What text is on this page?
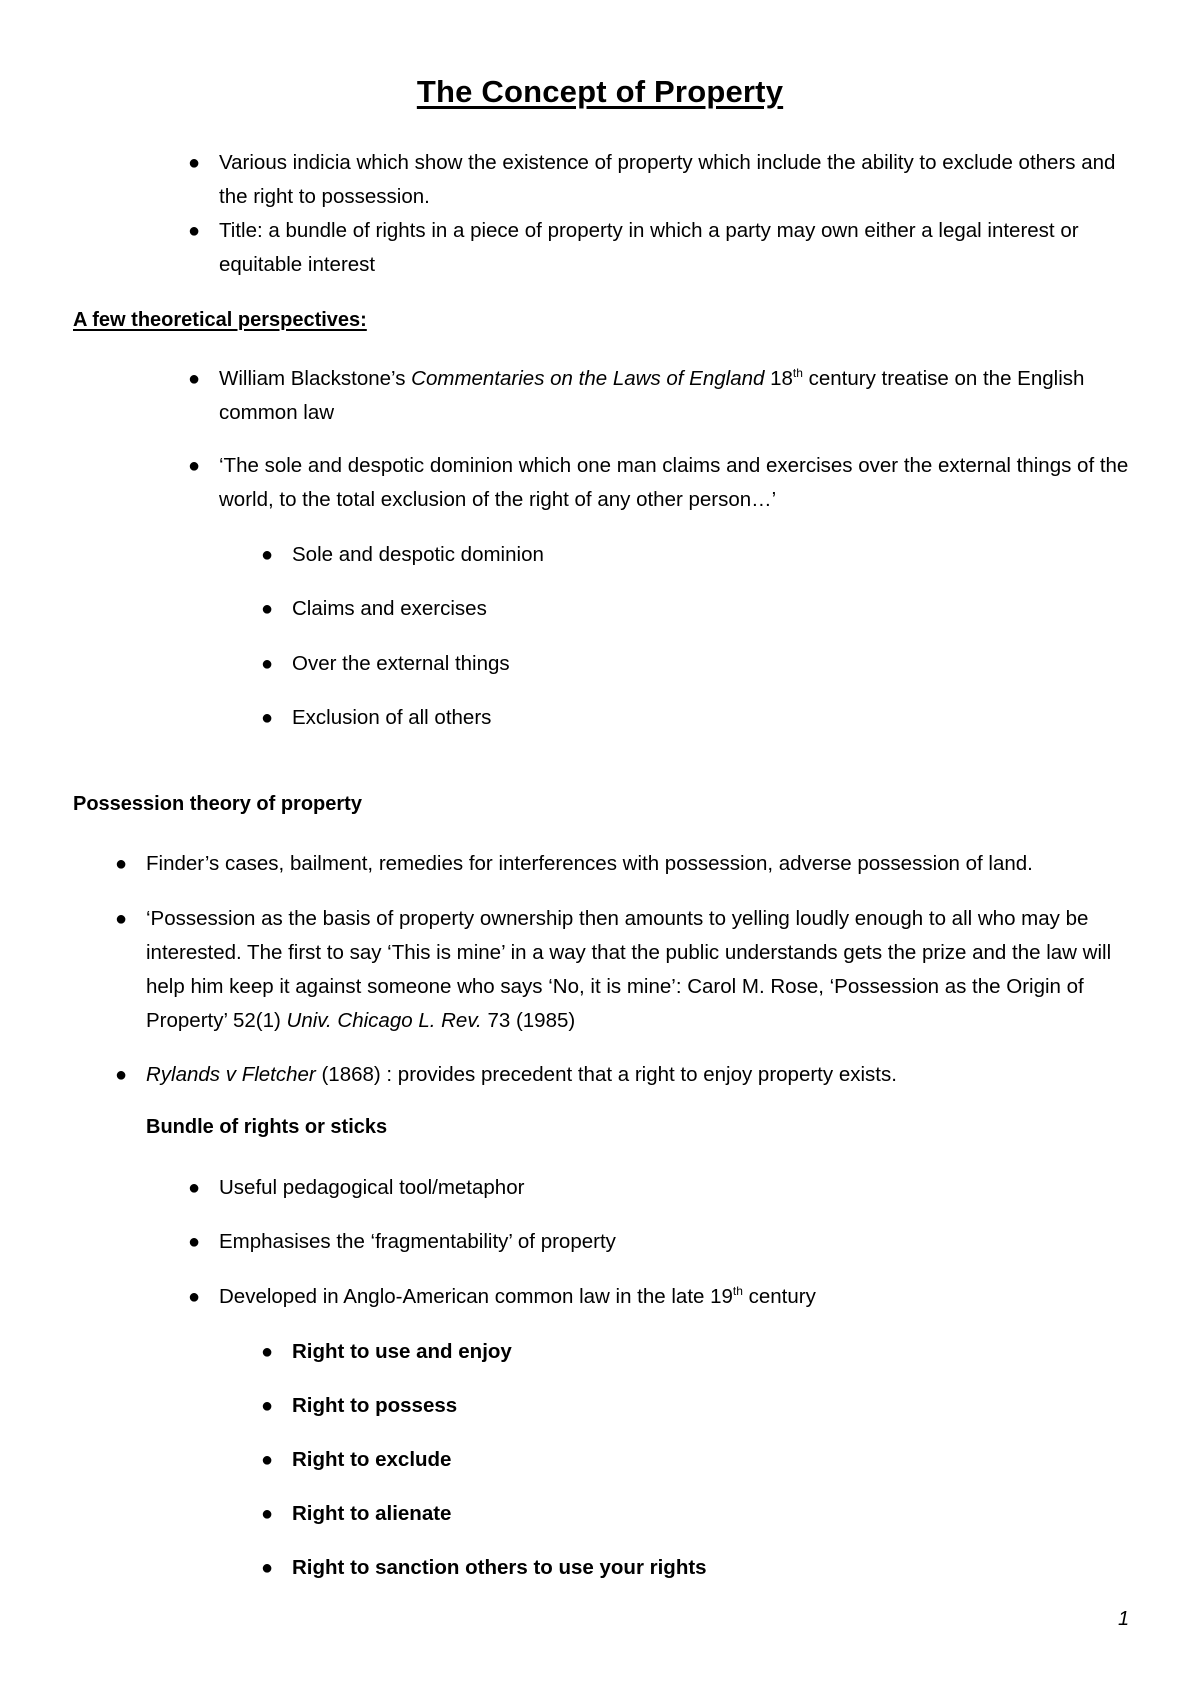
The Concept of Property
● Various indicia which show the existence of property which include the ability to exclude others and the right to possession.
● Title: a bundle of rights in a piece of property in which a party may own either a legal interest or equitable interest

A few theoretical perspectives:

● William Blackstone’s Commentaries on the Laws of England 18th century treatise on the English common law
● ‘The sole and despotic dominion which one man claims and exercises over the external things of the world, to the total exclusion of the right of any other person…’
● Sole and despotic dominion
● Claims and exercises
● Over the external things
● Exclusion of all others

Possession theory of property

● Finder’s cases, bailment, remedies for interferences with possession, adverse possession of land.
● ‘Possession as the basis of property ownership then amounts to yelling loudly enough to all who may be interested. The first to say ‘This is mine’ in a way that the public understands gets the prize and the law will help him keep it against someone who says ‘No, it is mine’: Carol M. Rose, ‘Possession as the Origin of Property’ 52(1) Univ. Chicago L. Rev. 73 (1985)
● Rylands v Fletcher (1868) : provides precedent that a right to enjoy property exists.

Bundle of rights or sticks

● Useful pedagogical tool/metaphor
● Emphasises the ‘fragmentability’ of property
● Developed in Anglo-American common law in the late 19th century
● Right to use and enjoy
● Right to possess
● Right to exclude
● Right to alienate
● Right to sanction others to use your rights
1
